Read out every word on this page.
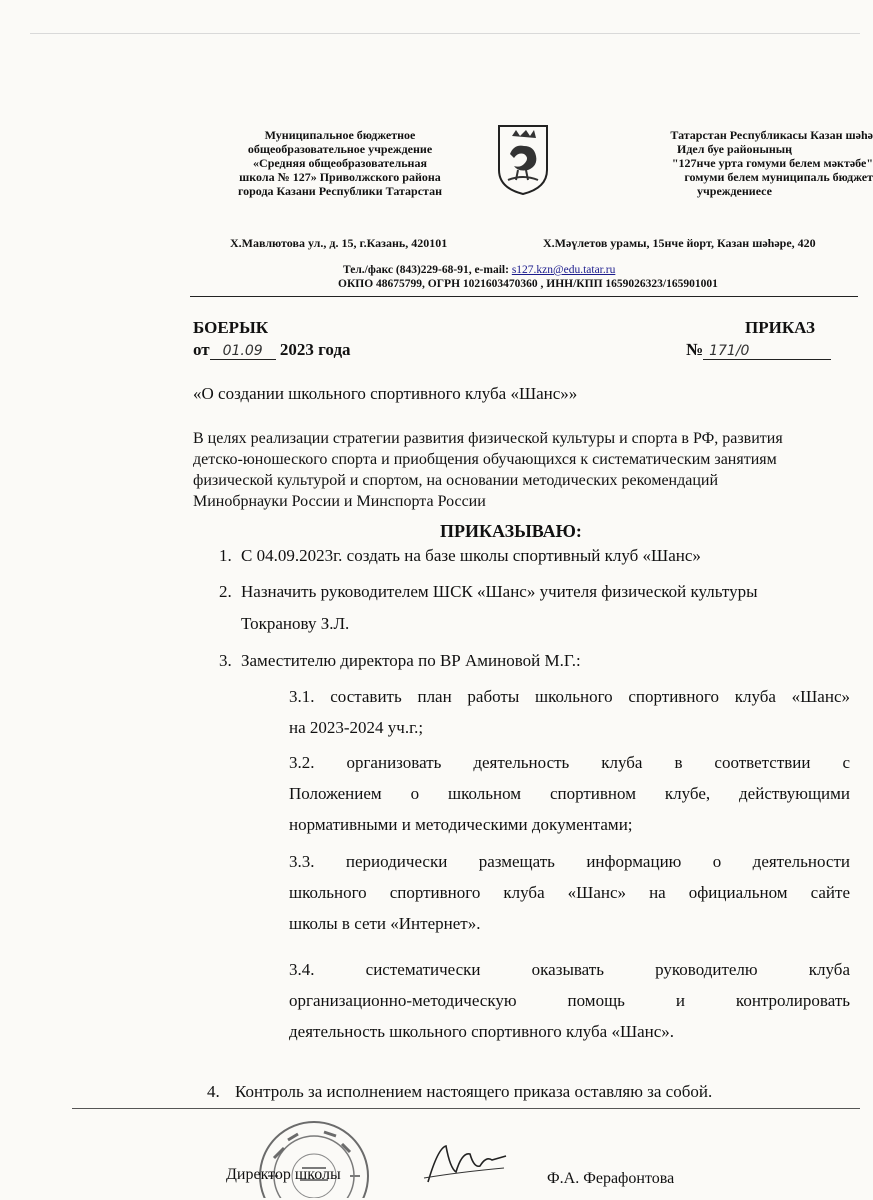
Муниципальное бюджетное
общеобразовательное учреждение
«Средняя общеобразовательная
школа № 127» Приволжского района
города Казани Республики Татарстан
Татарстан Республикасы Казан шәһә
Идел буе районының
"127нче урта гомуми белем мәктәбе"
гомуми белем муниципаль бюджет
учреждениесе
Х.Мавлютова ул., д. 15, г.Казань, 420101	Х.Мәүлетов урамы, 15нче йорт, Казан шәһәре, 420
Тел./факс (843)229-68-91, e-mail: s127.kzn@edu.tatar.ru
ОКПО 48675799, ОГРН 1021603470360 , ИНН/КПП 1659026323/165901001
БОЕРЫК	ПРИКАЗ
от 01.09 2023 года	№ 171/0
«О создании школьного спортивного клуба «Шанс»»
В целях реализации стратегии развития физической культуры и спорта в РФ, развития
детско-юношеского спорта и приобщения обучающихся к систематическим занятиям
физической культурой и спортом, на основании методических рекомендаций
Минобрнауки России и Минспорта России
ПРИКАЗЫВАЮ:
1. С 04.09.2023г. создать на базе школы спортивный клуб «Шанс»
2. Назначить руководителем ШСК «Шанс» учителя физической культуры
Токранову З.Л.
3. Заместителю директора по ВР Аминовой М.Г.:
3.1. составить план работы школьного спортивного клуба «Шанс»
на 2023-2024 уч.г.;
3.2.  организовать  деятельность  клуба  в  соответствии  с
Положением о школьном спортивном клубе, действующими
нормативными и методическими документами;
3.3.  периодически  размещать  информацию  о  деятельности
школьного спортивного клуба «Шанс» на официальном сайте
школы в сети «Интернет».
3.4.      систематически      оказывать      руководителю      клуба
организационно-методическую   помощь   и   контролировать
деятельность школьного спортивного клуба «Шанс».
4. Контроль за исполнением настоящего приказа оставляю за собой.
Директор школы	Ф.А. Ферафонтова
